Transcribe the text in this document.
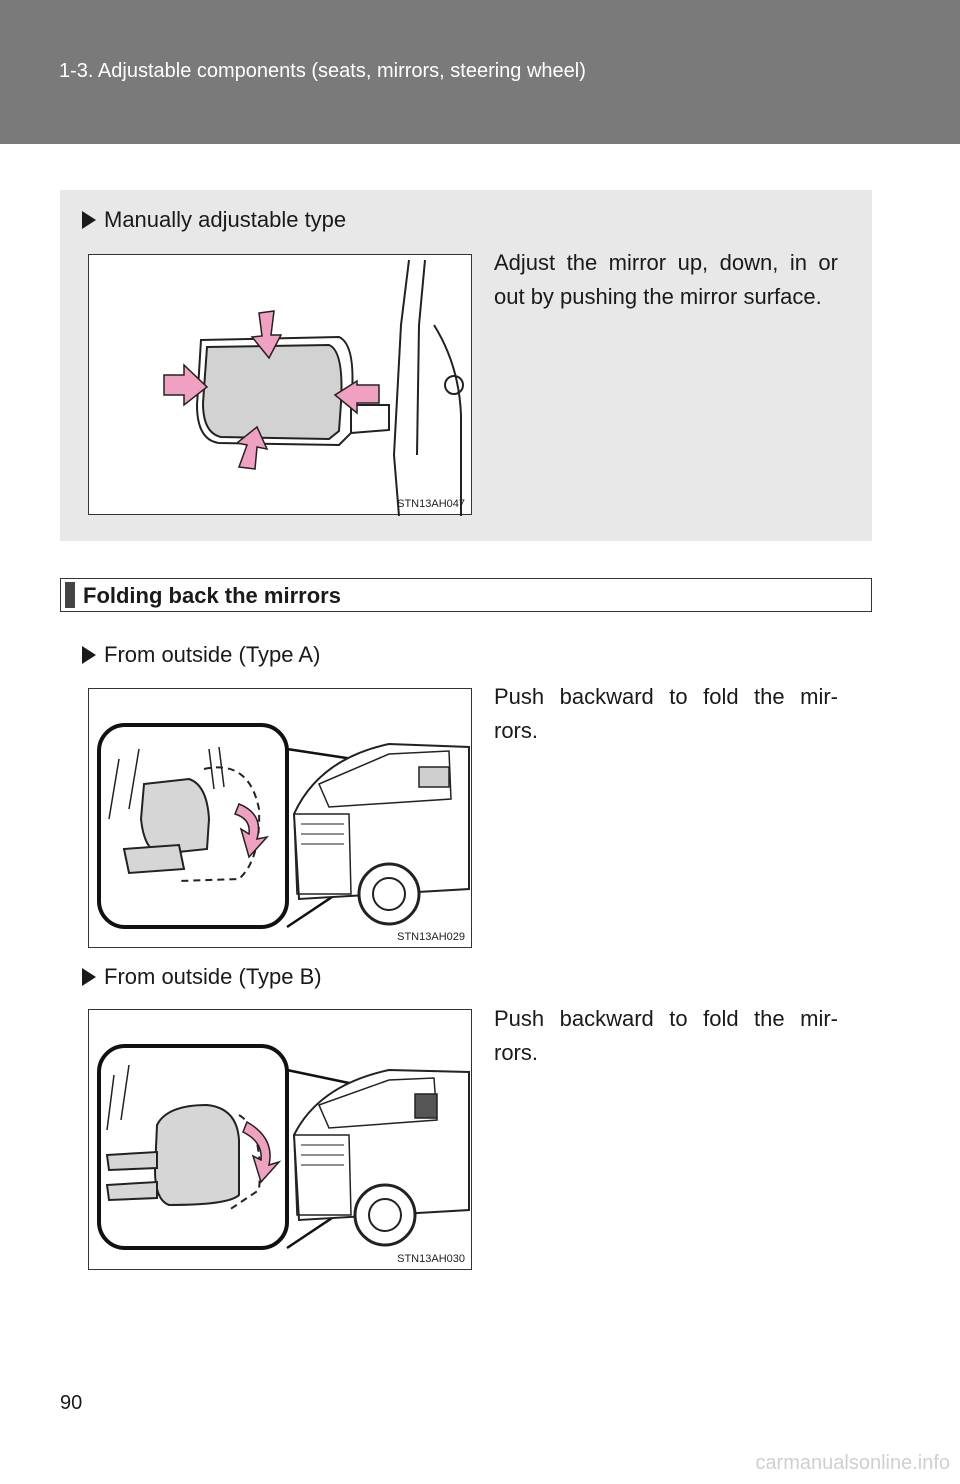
1-3. Adjustable components (seats, mirrors, steering wheel)
Manually adjustable type
STN13AH047
Adjust the mirror up, down, in or out by pushing the mirror surface.
Folding back the mirrors
From outside (Type A)
STN13AH029
Push backward to fold the mir- rors.
From outside (Type B)
STN13AH030
Push backward to fold the mir- rors.
90
carmanualsonline.info
